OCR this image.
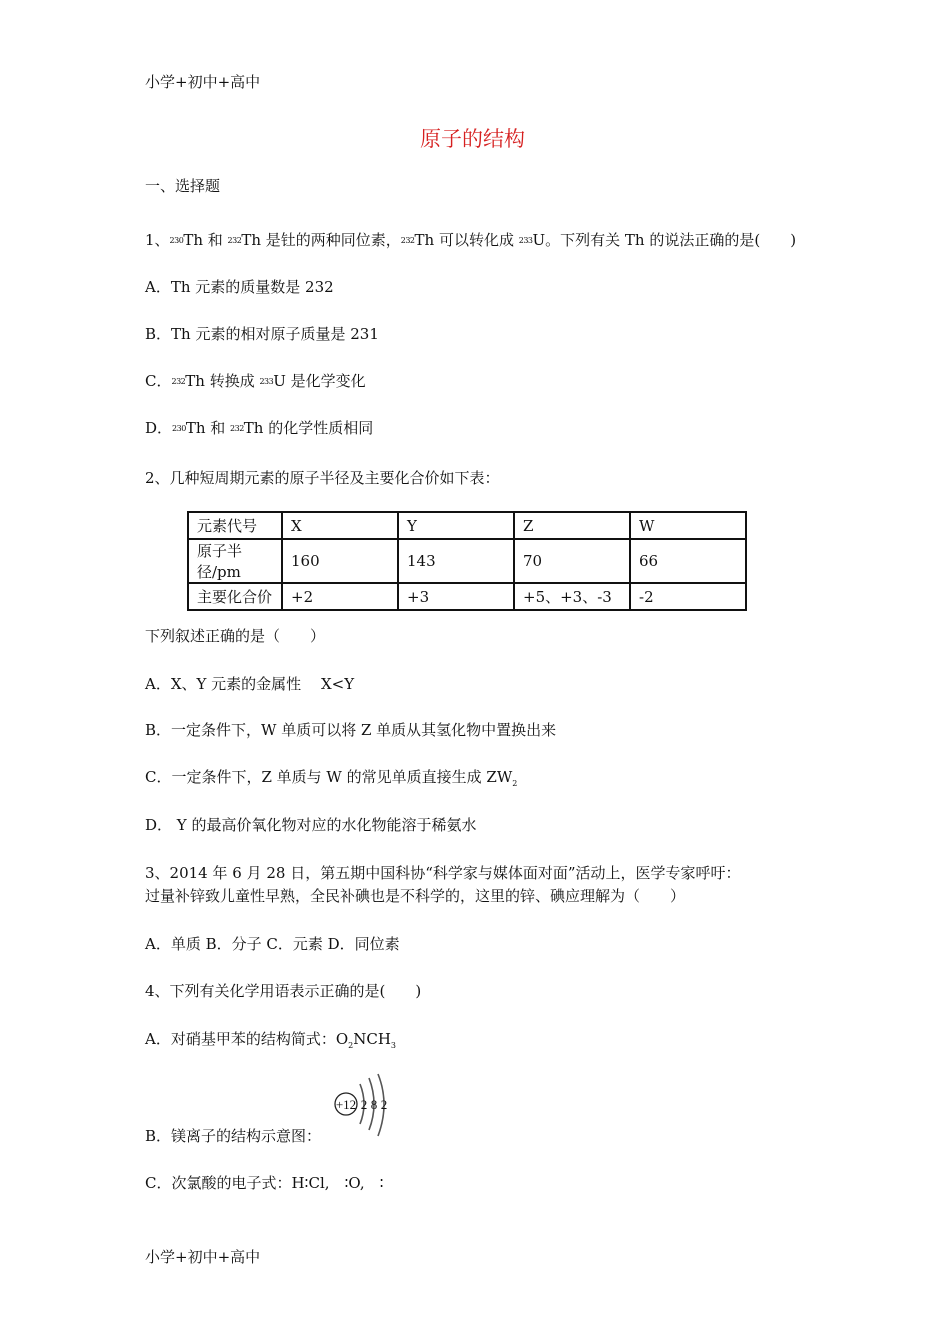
小学+初中+高中
原子的结构
一、选择题
1、$^{230}$Th 和 $^{232}$Th 是钍的两种同位素，$^{232}$Th 可以转化成 $^{233}$U。下列有关 Th 的说法正确的是(　　)
A．Th 元素的质量数是 232
B．Th 元素的相对原子质量是 231
C．$^{232}$Th 转换成 $^{233}$U 是化学变化
D．$^{230}$Th 和 $^{232}$Th 的化学性质相同
2、几种短周期元素的原子半径及主要化合价如下表：
元素代号	X	Y	Z	W
原子半径/pm	160	143	70	66
主要化合价	+2	+3	+5、+3、-3	-2
下列叙述正确的是（　　）
A．X、Y 元素的金属性　 X<Y
B．一定条件下，W 单质可以将 Z 单质从其氢化物中置换出来
C．一定条件下，Z 单质与 W 的常见单质直接生成 $ZW_2$
D． Y 的最高价氧化物对应的水化物能溶于稀氨水
3、2014 年 6 月 28 日，第五期中国科协“科学家与媒体面对面”活动上，医学专家呼吁：
过量补锌致儿童性早熟，全民补碘也是不科学的，这里的锌、碘应理解为（　　）
A．单质 B．分子 C．元素 D．同位素
4、下列有关化学用语表示正确的是(　　)
A．对硝基甲苯的结构简式：$O_2NCH_3$
+12 2 8 2
B．镁离子的结构示意图：
C．次氯酸的电子式：H∶Cl,　∶O,　∶
小学+初中+高中
